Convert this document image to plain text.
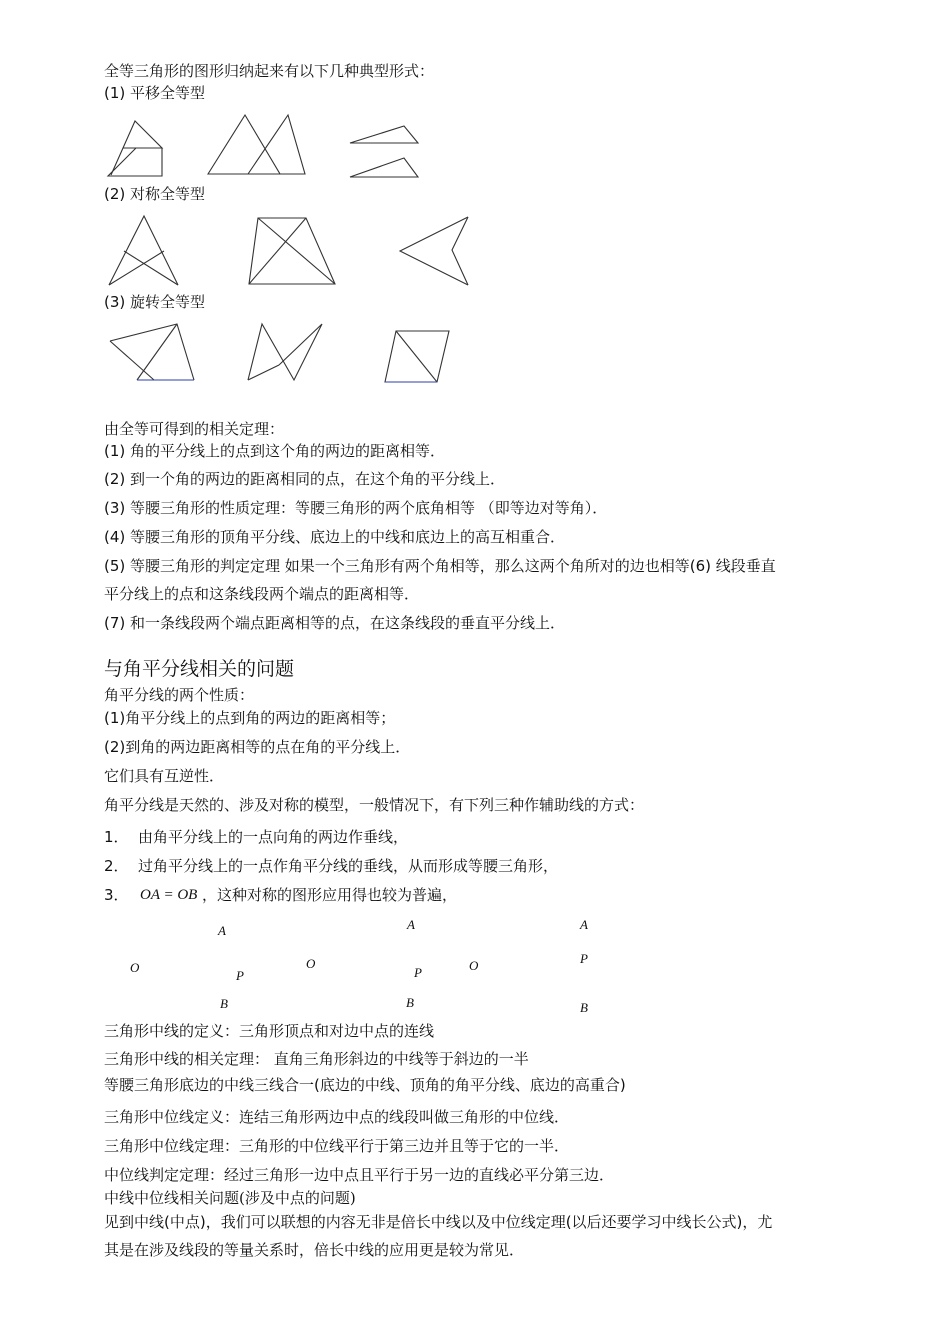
全等三角形的图形归纳起来有以下几种典型形式：
(1) 平移全等型
(2) 对称全等型
(3) 旋转全等型
由全等可得到的相关定理：
(1) 角的平分线上的点到这个角的两边的距离相等．
(2) 到一个角的两边的距离相同的点，在这个角的平分线上．
(3) 等腰三角形的性质定理：等腰三角形的两个底角相等 （即等边对等角）．
(4) 等腰三角形的顶角平分线、底边上的中线和底边上的高互相重合．
(5) 等腰三角形的判定定理 如果一个三角形有两个角相等，那么这两个角所对的边也相等(6) 线段垂直
平分线上的点和这条线段两个端点的距离相等．
(7) 和一条线段两个端点距离相等的点，在这条线段的垂直平分线上．
与角平分线相关的问题
角平分线的两个性质：
(1)角平分线上的点到角的两边的距离相等；
(2)到角的两边距离相等的点在角的平分线上．
它们具有互逆性．
角平分线是天然的、涉及对称的模型，一般情况下，有下列三种作辅助线的方式：
1． 由角平分线上的一点向角的两边作垂线，
2． 过角平分线上的一点作角平分线的垂线，从而形成等腰三角形，
3． OA = OB ，这种对称的图形应用得也较为普遍，
A
O
P
B
A
O
P
B
A
O	P
B
三角形中线的定义：三角形顶点和对边中点的连线
三角形中线的相关定理： 直角三角形斜边的中线等于斜边的一半
等腰三角形底边的中线三线合一(底边的中线、顶角的角平分线、底边的高重合)
三角形中位线定义：连结三角形两边中点的线段叫做三角形的中位线．
三角形中位线定理：三角形的中位线平行于第三边并且等于它的一半．
中位线判定定理：经过三角形一边中点且平行于另一边的直线必平分第三边．
中线中位线相关问题(涉及中点的问题)
见到中线(中点)，我们可以联想的内容无非是倍长中线以及中位线定理(以后还要学习中线长公式)，尤
其是在涉及线段的等量关系时，倍长中线的应用更是较为常见．
